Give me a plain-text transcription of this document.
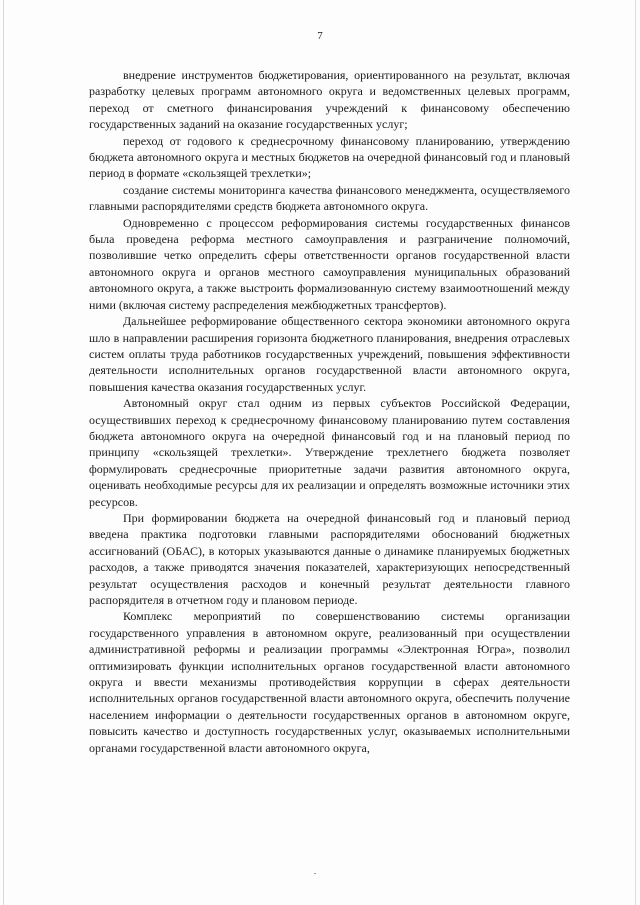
7

внедрение инструментов бюджетирования, ориентированного на результат, включая разработку целевых программ автономного округа и ведомственных целевых программ, переход от сметного финансирования учреждений к финансовому обеспечению государственных заданий на оказание государственных услуг;

переход от годового к среднесрочному финансовому планированию, утверждению бюджета автономного округа и местных бюджетов на очередной финансовый год и плановый период в формате «скользящей трехлетки»;

создание системы мониторинга качества финансового менеджмента, осуществляемого главными распорядителями средств бюджета автономного округа.

Одновременно с процессом реформирования системы государственных финансов была проведена реформа местного самоуправления и разграничение полномочий, позволившие четко определить сферы ответственности органов государственной власти автономного округа и органов местного самоуправления муниципальных образований автономного округа, а также выстроить формализованную систему взаимоотношений между ними (включая систему распределения межбюджетных трансфертов).

Дальнейшее реформирование общественного сектора экономики автономного округа шло в направлении расширения горизонта бюджетного планирования, внедрения отраслевых систем оплаты труда работников государственных учреждений, повышения эффективности деятельности исполнительных органов государственной власти автономного округа, повышения качества оказания государственных услуг.

Автономный округ стал одним из первых субъектов Российской Федерации, осуществивших переход к среднесрочному финансовому планированию путем составления бюджета автономного округа на очередной финансовый год и на плановый период по принципу «скользящей трехлетки». Утверждение трехлетнего бюджета позволяет формулировать среднесрочные приоритетные задачи развития автономного округа, оценивать необходимые ресурсы для их реализации и определять возможные источники этих ресурсов.

При формировании бюджета на очередной финансовый год и плановый период введена практика подготовки главными распорядителями обоснований бюджетных ассигнований (ОБАС), в которых указываются данные о динамике планируемых бюджетных расходов, а также приводятся значения показателей, характеризующих непосредственный результат осуществления расходов и конечный результат деятельности главного распорядителя в отчетном году и плановом периоде.

Комплекс мероприятий по совершенствованию системы организации государственного управления в автономном округе, реализованный при осуществлении административной реформы и реализации программы «Электронная Югра», позволил оптимизировать функции исполнительных органов государственной власти автономного округа и ввести механизмы противодействия коррупции в сферах деятельности исполнительных органов государственной власти автономного округа, обеспечить получение населением информации о деятельности государственных органов в автономном округе, повысить качество и доступность государственных услуг, оказываемых исполнительными органами государственной власти автономного округа,
